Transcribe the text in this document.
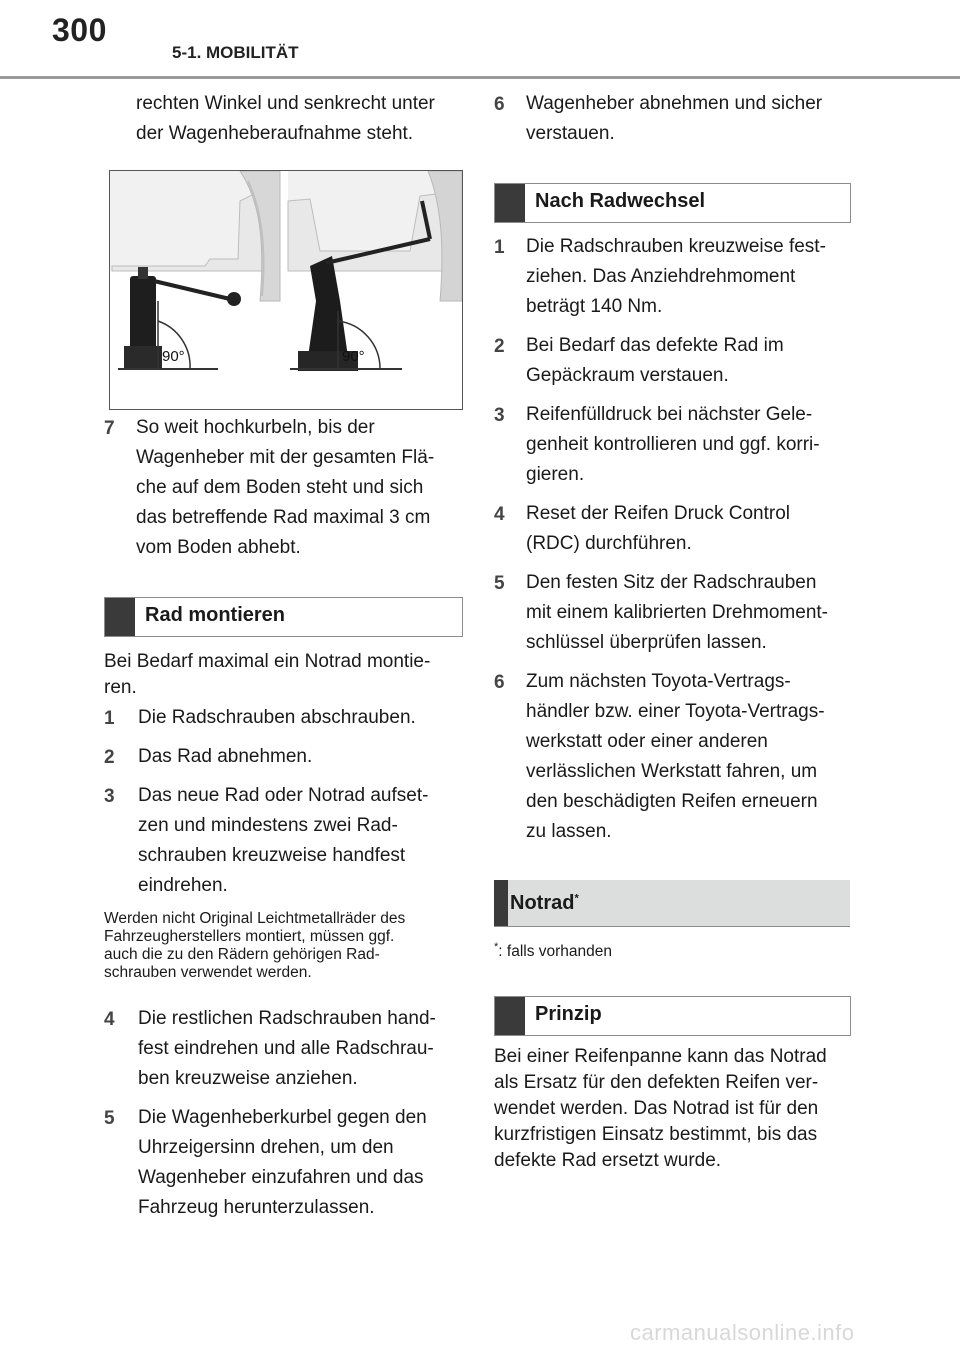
300
5-1. MOBILITÄT
rechten Winkel und senkrecht unter
der Wagenheberaufnahme steht.
90°	90°
7 So weit hochkurbeln, bis der
Wagenheber mit der gesamten Flä-
che auf dem Boden steht und sich
das betreffende Rad maximal 3 cm
vom Boden abhebt.
Rad montieren
Bei Bedarf maximal ein Notrad montie-
ren.
1 Die Radschrauben abschrauben.
2 Das Rad abnehmen.
3 Das neue Rad oder Notrad aufset-
zen und mindestens zwei Rad-
schrauben kreuzweise handfest
eindrehen.
Werden nicht Original Leichtmetallräder des
Fahrzeugherstellers montiert, müssen ggf.
auch die zu den Rädern gehörigen Rad-
schrauben verwendet werden.
4 Die restlichen Radschrauben hand-
fest eindrehen und alle Radschrau-
ben kreuzweise anziehen.
5 Die Wagenheberkurbel gegen den
Uhrzeigersinn drehen, um den
Wagenheber einzufahren und das
Fahrzeug herunterzulassen.
6 Wagenheber abnehmen und sicher
verstauen.
Nach Radwechsel
1 Die Radschrauben kreuzweise fest-
ziehen. Das Anziehdrehmoment
beträgt 140 Nm.
2 Bei Bedarf das defekte Rad im
Gepäckraum verstauen.
3 Reifenfülldruck bei nächster Gele-
genheit kontrollieren und ggf. korri-
gieren.
4 Reset der Reifen Druck Control
(RDC) durchführen.
5 Den festen Sitz der Radschrauben
mit einem kalibrierten Drehmoment-
schlüssel überprüfen lassen.
6 Zum nächsten Toyota-Vertrags-
händler bzw. einer Toyota-Vertrags-
werkstatt oder einer anderen
verlässlichen Werkstatt fahren, um
den beschädigten Reifen erneuern
zu lassen.
Notrad*
*: falls vorhanden
Prinzip
Bei einer Reifenpanne kann das Notrad
als Ersatz für den defekten Reifen ver-
wendet werden. Das Notrad ist für den
kurzfristigen Einsatz bestimmt, bis das
defekte Rad ersetzt wurde.
carmanualsonline.info
